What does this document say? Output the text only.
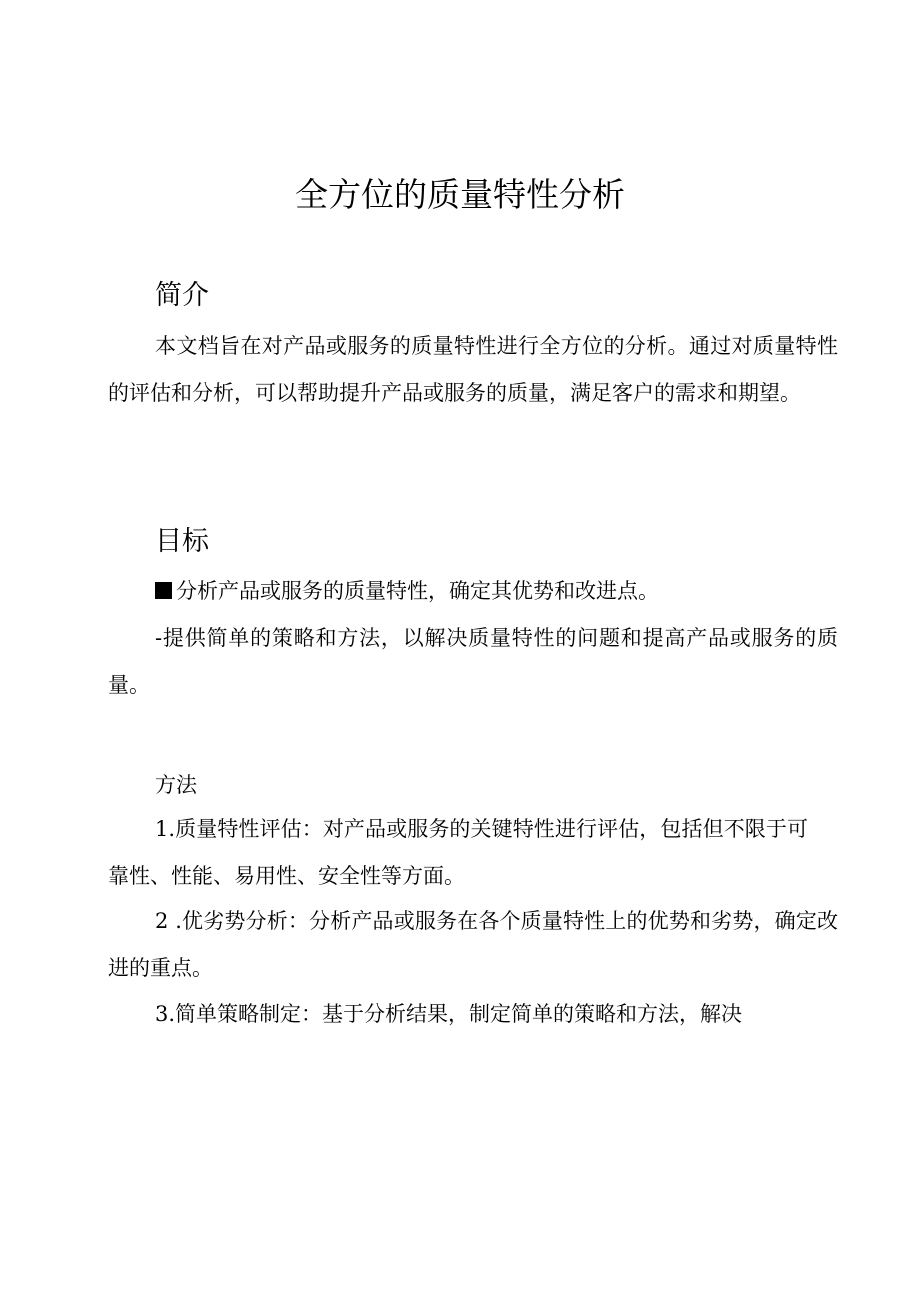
全方位的质量特性分析
简介
本文档旨在对产品或服务的质量特性进行全方位的分析。通过对质量特性的评估和分析，可以帮助提升产品或服务的质量，满足客户的需求和期望。
目标
分析产品或服务的质量特性，确定其优势和改进点。
-提供简单的策略和方法，以解决质量特性的问题和提高产品或服务的质量。
方法
1.质量特性评估：对产品或服务的关键特性进行评估，包括但不限于可靠性、性能、易用性、安全性等方面。
2 .优劣势分析：分析产品或服务在各个质量特性上的优势和劣势，确定改进的重点。
3.简单策略制定：基于分析结果，制定简单的策略和方法，解决
